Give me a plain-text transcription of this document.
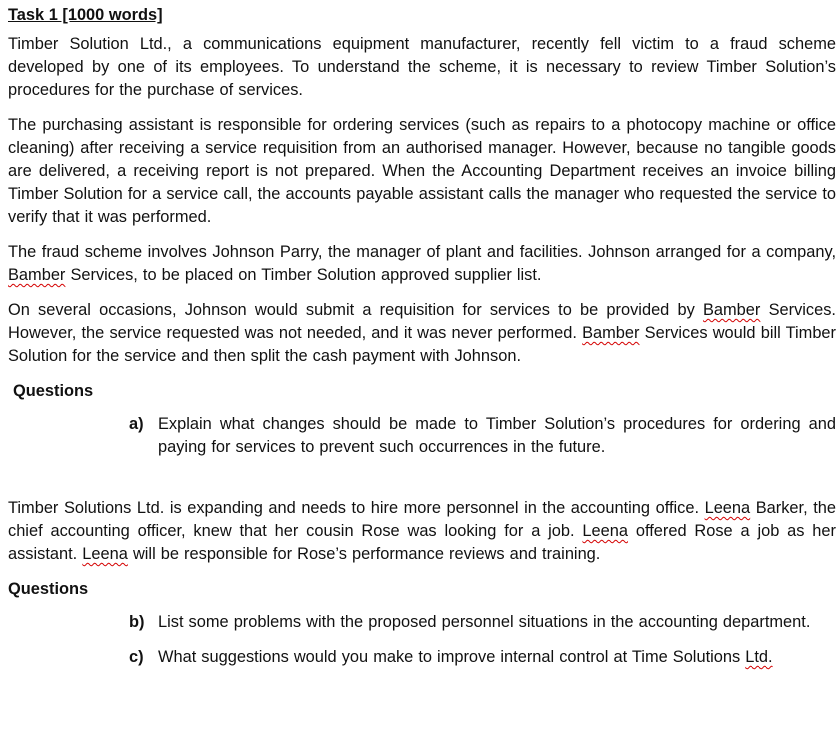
Task 1 [1000 words]

Timber Solution Ltd., a communications equipment manufacturer, recently fell victim to a fraud scheme developed by one of its employees. To understand the scheme, it is necessary to review Timber Solution’s procedures for the purchase of services.

The purchasing assistant is responsible for ordering services (such as repairs to a photocopy machine or office cleaning) after receiving a service requisition from an authorised manager. However, because no tangible goods are delivered, a receiving report is not prepared. When the Accounting Department receives an invoice billing Timber Solution for a service call, the accounts payable assistant calls the manager who requested the service to verify that it was performed.

The fraud scheme involves Johnson Parry, the manager of plant and facilities. Johnson arranged for a company, Bamber Services, to be placed on Timber Solution approved supplier list.

On several occasions, Johnson would submit a requisition for services to be provided by Bamber Services. However, the service requested was not needed, and it was never performed. Bamber Services would bill Timber Solution for the service and then split the cash payment with Johnson.

Questions
a) Explain what changes should be made to Timber Solution’s procedures for ordering and paying for services to prevent such occurrences in the future.

Timber Solutions Ltd. is expanding and needs to hire more personnel in the accounting office. Leena Barker, the chief accounting officer, knew that her cousin Rose was looking for a job. Leena offered Rose a job as her assistant. Leena will be responsible for Rose’s performance reviews and training.

Questions
b) List some problems with the proposed personnel situations in the accounting department.
c) What suggestions would you make to improve internal control at Time Solutions Ltd.
